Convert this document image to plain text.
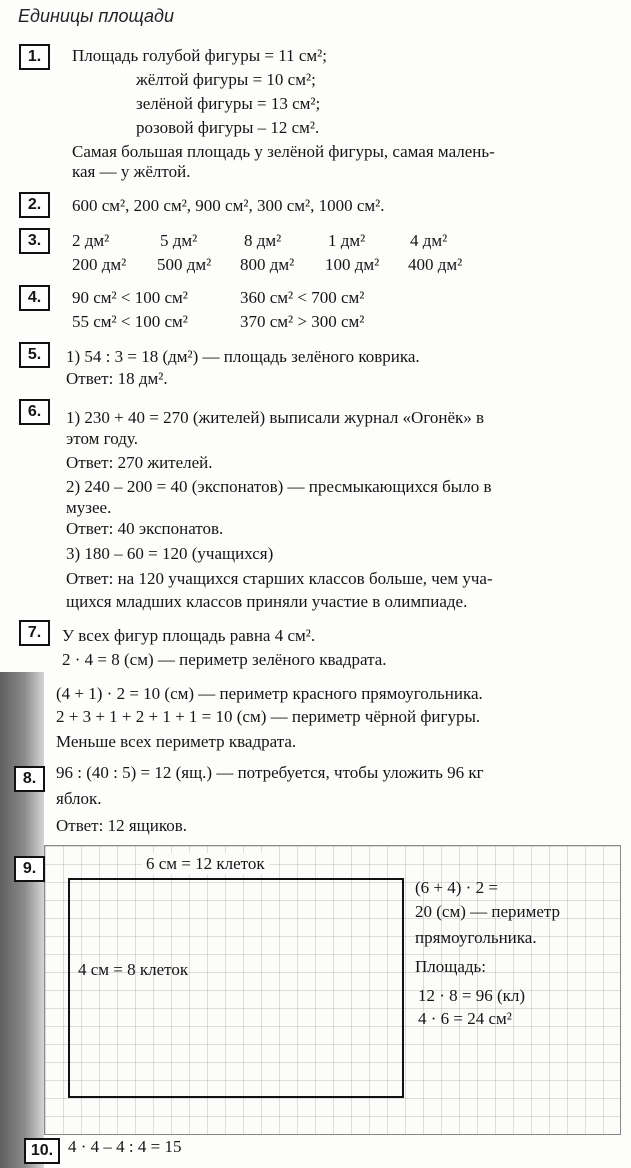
Единицы площади
1.	Площадь голубой фигуры = 11 см²;
жёлтой фигуры = 10 см²;
зелёной фигуры = 13 см²;
розовой фигуры – 12 см².
Самая большая площадь у зелёной фигуры, самая малень-
кая — у жёлтой.
2.	600 см², 200 см², 900 см², 300 см², 1000 см².
3.	2 дм²	5 дм²	8 дм²	1 дм²	4 дм²
200 дм² 500 дм² 800 дм² 100 дм² 400 дм²
4.	90 см² < 100 см²	360 см² < 700 см²
55 см² < 100 см²	370 см² > 300 см²
5.	1) 54 : 3 = 18 (дм²) — площадь зелёного коврика.
Ответ: 18 дм².
6.	1) 230 + 40 = 270 (жителей) выписали журнал «Огонёк» в
этом году.
Ответ: 270 жителей.
2) 240 – 200 = 40 (экспонатов) — пресмыкающихся было в
музее.
Ответ: 40 экспонатов.
3) 180 – 60 = 120 (учащихся)
Ответ: на 120 учащихся старших классов больше, чем уча-
щихся младших классов приняли участие в олимпиаде.
7.	У всех фигур площадь равна 4 см².
2 · 4 = 8 (см) — периметр зелёного квадрата.
(4 + 1) · 2 = 10 (см) — периметр красного прямоугольника.
2 + 3 + 1 + 2 + 1 + 1 = 10 (см) — периметр чёрной фигуры.
Меньше всех периметр квадрата.
8.	96 : (40 : 5) = 12 (ящ.) — потребуется, чтобы уложить 96 кг
яблок.
Ответ: 12 ящиков.
9.	6 см = 12 клеток
4 см = 8 клеток
(6 + 4) · 2 =
20 (см) — периметр
прямоугольника.
Площадь:
12 · 8 = 96 (кл)
4 · 6 = 24 см²
10. 4 · 4 – 4 : 4 = 15
